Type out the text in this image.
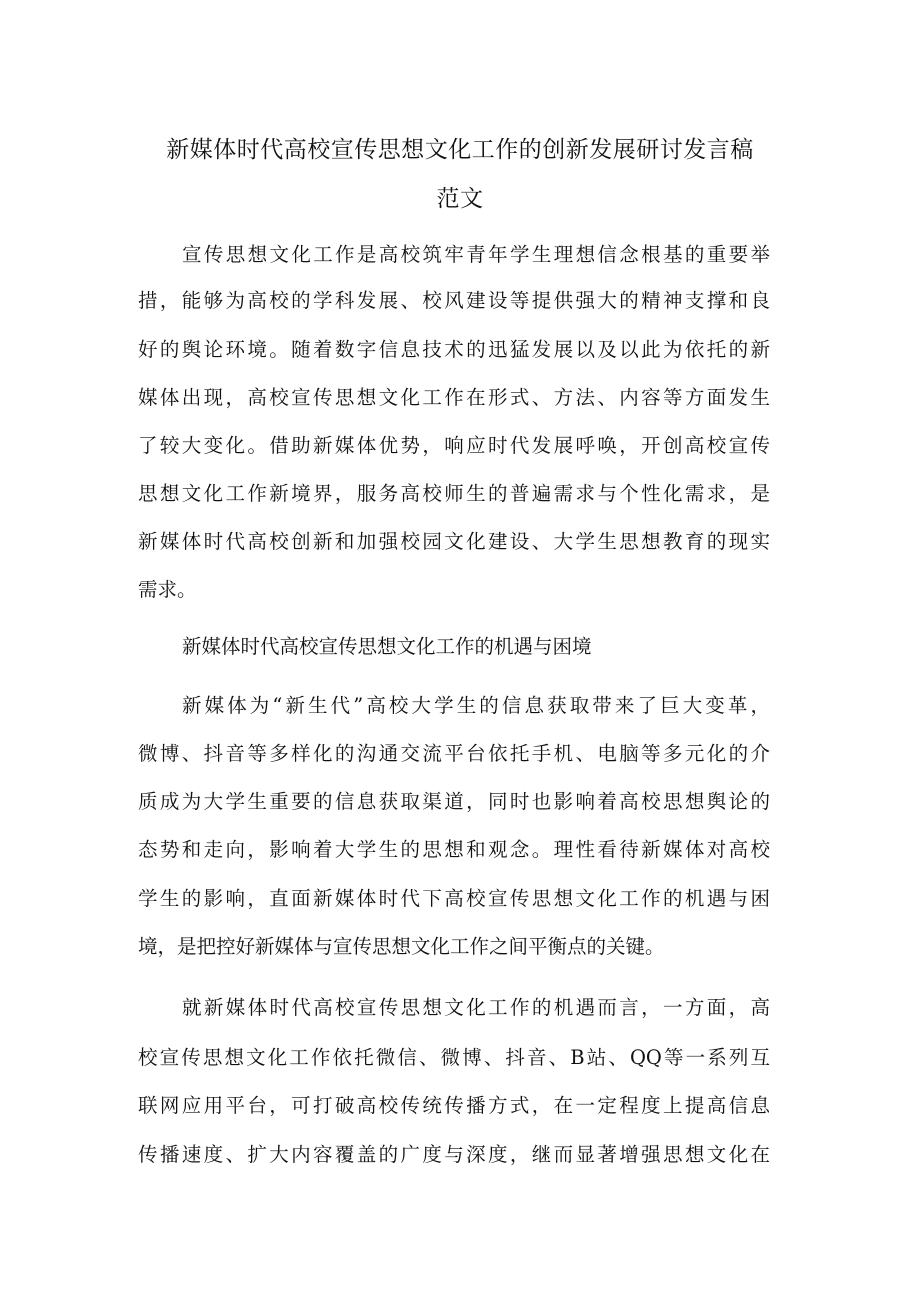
新媒体时代高校宣传思想文化工作的创新发展研讨发言稿
范文
宣传思想文化工作是高校筑牢青年学生理想信念根基的重要举
措，能够为高校的学科发展、校风建设等提供强大的精神支撑和良
好的舆论环境。随着数字信息技术的迅猛发展以及以此为依托的新
媒体出现，高校宣传思想文化工作在形式、方法、内容等方面发生
了较大变化。借助新媒体优势，响应时代发展呼唤，开创高校宣传
思想文化工作新境界，服务高校师生的普遍需求与个性化需求，是
新媒体时代高校创新和加强校园文化建设、大学生思想教育的现实
需求。
新媒体时代高校宣传思想文化工作的机遇与困境
新媒体为“新生代”高校大学生的信息获取带来了巨大变革，
微博、抖音等多样化的沟通交流平台依托手机、电脑等多元化的介
质成为大学生重要的信息获取渠道，同时也影响着高校思想舆论的
态势和走向，影响着大学生的思想和观念。理性看待新媒体对高校
学生的影响，直面新媒体时代下高校宣传思想文化工作的机遇与困
境，是把控好新媒体与宣传思想文化工作之间平衡点的关键。
就新媒体时代高校宣传思想文化工作的机遇而言，一方面，高
校宣传思想文化工作依托微信、微博、抖音、B站、QQ等一系列互
联网应用平台，可打破高校传统传播方式，在一定程度上提高信息
传播速度、扩大内容覆盖的广度与深度，继而显著增强思想文化在
